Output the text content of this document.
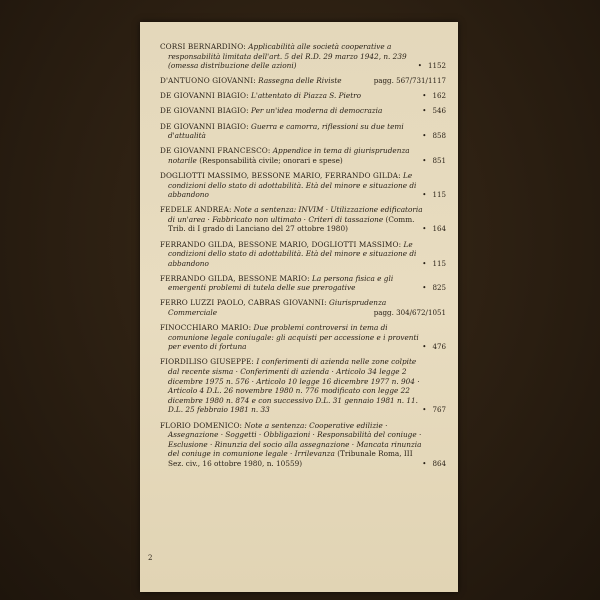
CORSI BERNARDINO: Applicabilità alle società cooperative a responsabilità limitata dell'art. 5 del R.D. 29 marzo 1942, n. 239 (omessa distribuzione delle azioni)	• 1152

D'ANTUONO GIOVANNI: Rassegna delle Riviste	pagg. 567/731/1117

DE GIOVANNI BIAGIO: L'attentato di Piazza S. Pietro	• 162

DE GIOVANNI BIAGIO: Per un'idea moderna di democrazia	• 546

DE GIOVANNI BIAGIO: Guerra e camorra, riflessioni su due temi d'attualità	• 858

DE GIOVANNI FRANCESCO: Appendice in tema di giurisprudenza notarile (Responsabilità civile; onorari e spese)	• 851

DOGLIOTTI MASSIMO, BESSONE MARIO, FERRANDO GILDA: Le condizioni dello stato di adottabilità. Età del minore e situazione di abbandono	• 115

FEDELE ANDREA: Note a sentenza: INVIM · Utilizzazione edificatoria di un'area · Fabbricato non ultimato · Criteri di tassazione (Comm. Trib. di I grado di Lanciano del 27 ottobre 1980)	• 164

FERRANDO GILDA, BESSONE MARIO, DOGLIOTTI MASSIMO: Le condizioni dello stato di adottabilità. Età del minore e situazione di abbandono	• 115

FERRANDO GILDA, BESSONE MARIO: La persona fisica e gli emergenti problemi di tutela delle sue prerogative	• 825

FERRO LUZZI PAOLO, CABRAS GIOVANNI: Giurisprudenza Commerciale	pagg. 304/672/1051

FINOCCHIARO MARIO: Due problemi controversi in tema di comunione legale coniugale: gli acquisti per accessione e i proventi per evento di fortuna	• 476

FIORDILISO GIUSEPPE: I conferimenti di azienda nelle zone colpite dal recente sisma · Conferimenti di azienda · Articolo 34 legge 2 dicembre 1975 n. 576 · Articolo 10 legge 16 dicembre 1977 n. 904 · Articolo 4 D.L. 26 novembre 1980 n. 776 modificato con legge 22 dicembre 1980 n. 874 e con successivo D.L. 31 gennaio 1981 n. 11. D.L. 25 febbraio 1981 n. 33	• 767

FLORIO DOMENICO: Note a sentenza: Cooperative edilizie · Assegnazione · Soggetti · Obbligazioni · Responsabilità del coniuge · Esclusione · Rinunzia del socio alla assegnazione · Mancata rinunzia del coniuge in comunione legale · Irrilevanza (Tribunale Roma, III Sez. civ., 16 ottobre 1980, n. 10559)	• 864
2
